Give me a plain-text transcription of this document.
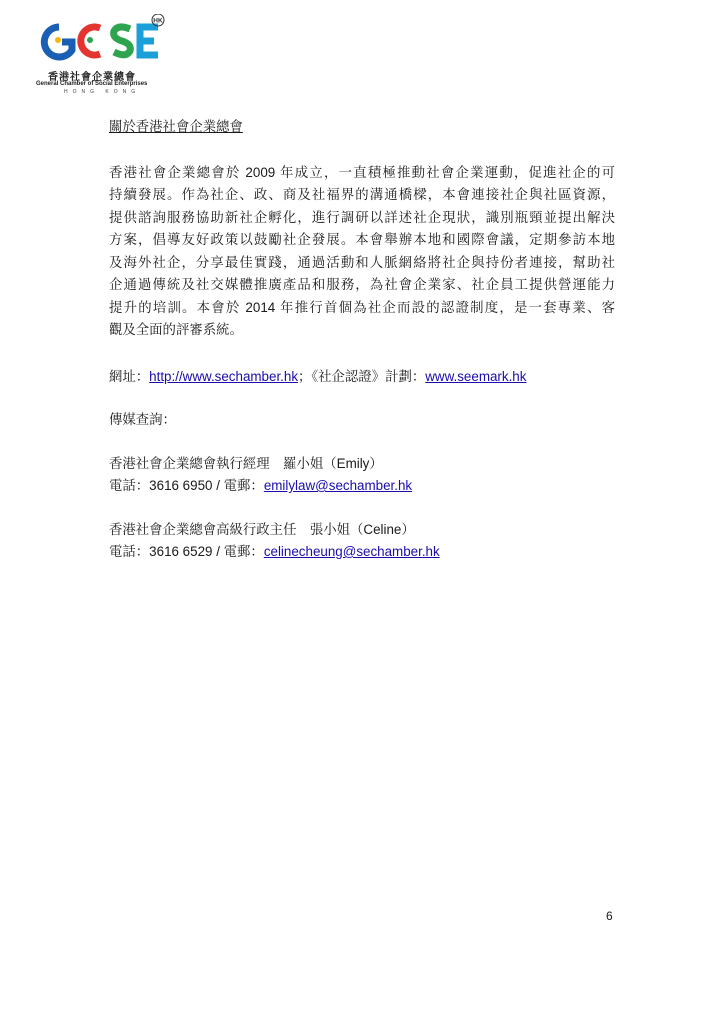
HK
香港社會企業總會
General Chamber of Social Enterprises
HONG KONG

關於香港社會企業總會

香港社會企業總會於 2009 年成立，一直積極推動社會企業運動，促進社企的可
持續發展。作為社企、政、商及社福界的溝通橋樑，本會連接社企與社區資源，
提供諮詢服務協助新社企孵化，進行調研以詳述社企現狀，識別瓶頸並提出解決
方案，倡導友好政策以鼓勵社企發展。本會舉辦本地和國際會議，定期參訪本地
及海外社企，分享最佳實踐，通過活動和人脈網絡將社企與持份者連接，幫助社
企通過傳統及社交媒體推廣產品和服務，為社會企業家、社企員工提供營運能力
提升的培訓。本會於 2014 年推行首個為社企而設的認證制度，是一套專業、客
觀及全面的評審系統。
網址：http://www.sechamber.hk；《社企認證》計劃：www.seemark.hk
傳媒查詢：
香港社會企業總會執行經理　羅小姐（Emily）
電話：3616 6950 / 電郵：emilylaw@sechamber.hk
香港社會企業總會高級行政主任　張小姐（Celine）
電話：3616 6529 / 電郵：celinecheung@sechamber.hk
6
